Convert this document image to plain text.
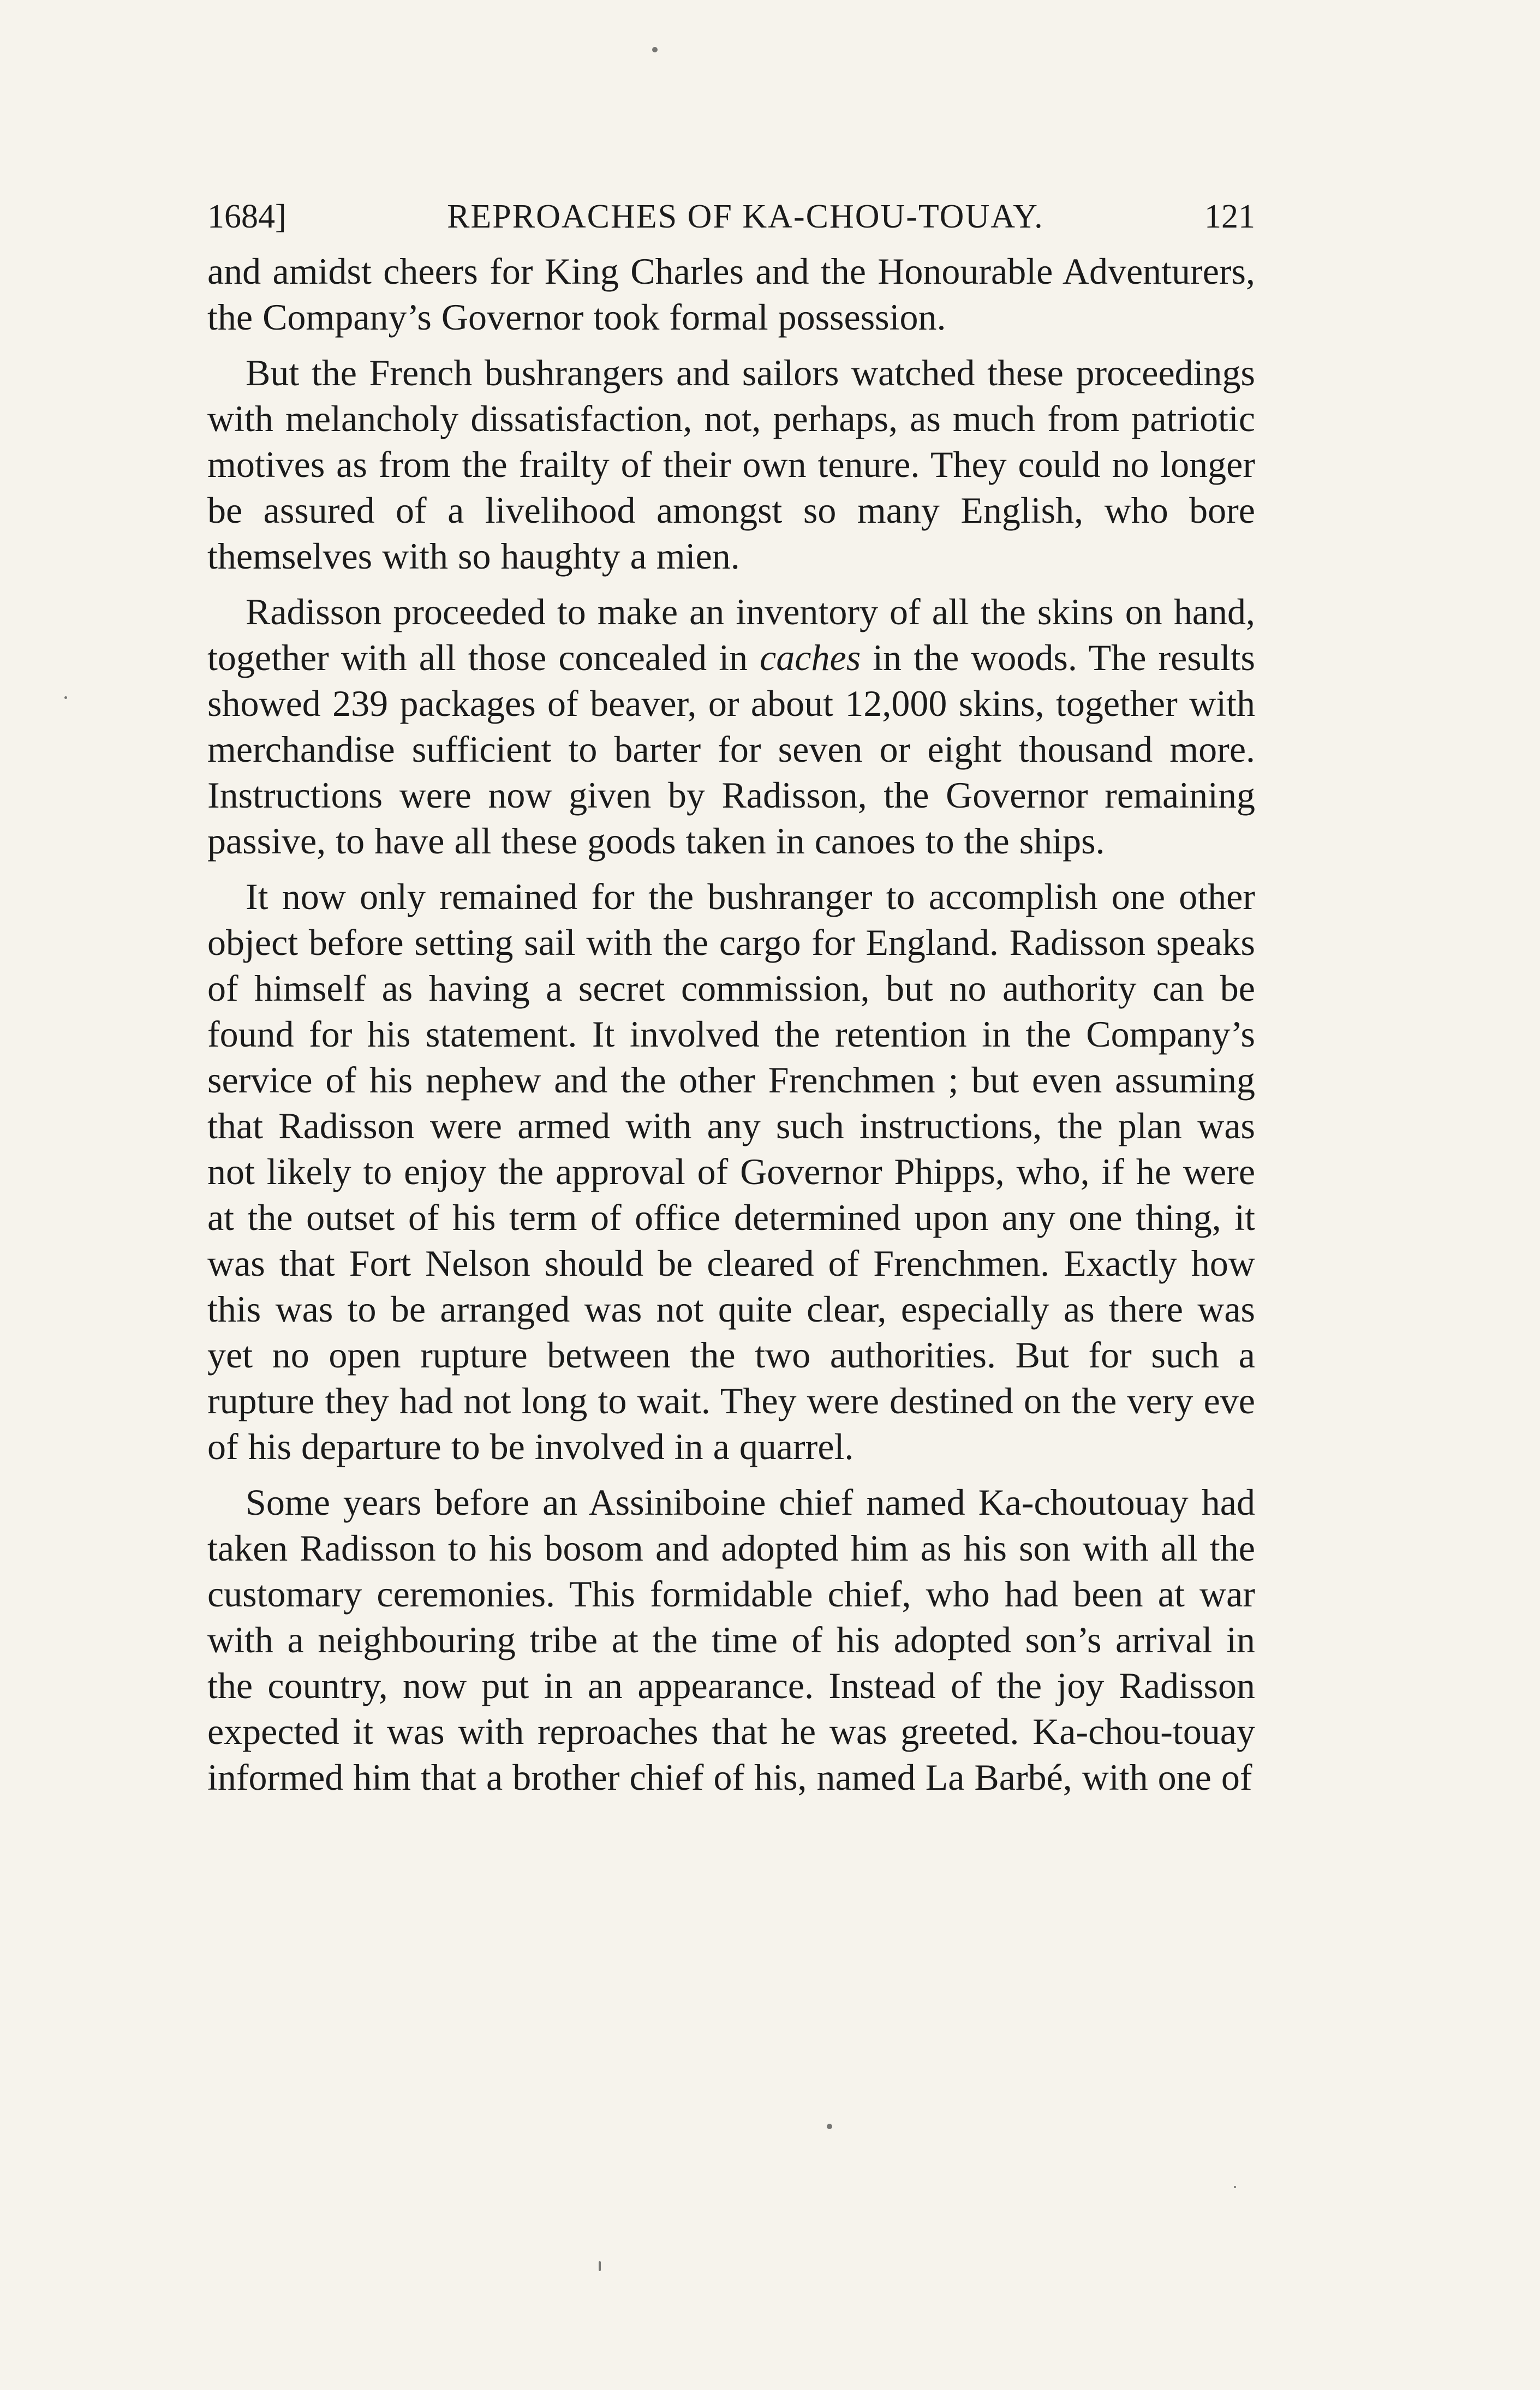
1684]	REPROACHES OF KA-CHOU-TOUAY.	121

and amidst cheers for King Charles and the Honourable Adventurers, the Company’s Governor took formal possession.

But the French bushrangers and sailors watched these proceedings with melancholy dissatisfaction, not, perhaps, as much from patriotic motives as from the frailty of their own tenure. They could no longer be assured of a livelihood amongst so many English, who bore themselves with so haughty a mien.

Radisson proceeded to make an inventory of all the skins on hand, together with all those concealed in caches in the woods. The results showed 239 packages of beaver, or about 12,000 skins, together with merchandise sufficient to barter for seven or eight thousand more. Instructions were now given by Radisson, the Governor remaining passive, to have all these goods taken in canoes to the ships.

It now only remained for the bushranger to accomplish one other object before setting sail with the cargo for England. Radisson speaks of himself as having a secret commission, but no authority can be found for his statement. It involved the retention in the Company’s service of his nephew and the other Frenchmen ; but even assuming that Radisson were armed with any such instructions, the plan was not likely to enjoy the approval of Governor Phipps, who, if he were at the outset of his term of office determined upon any one thing, it was that Fort Nelson should be cleared of Frenchmen. Exactly how this was to be arranged was not quite clear, especially as there was yet no open rupture between the two authorities. But for such a rupture they had not long to wait. They were destined on the very eve of his departure to be involved in a quarrel.

Some years before an Assiniboine chief named Ka-choutouay had taken Radisson to his bosom and adopted him as his son with all the customary ceremonies. This formidable chief, who had been at war with a neighbouring tribe at the time of his adopted son’s arrival in the country, now put in an appearance. Instead of the joy Radisson expected it was with reproaches that he was greeted. Ka-chou-touay informed him that a brother chief of his, named La Barbé, with one of
